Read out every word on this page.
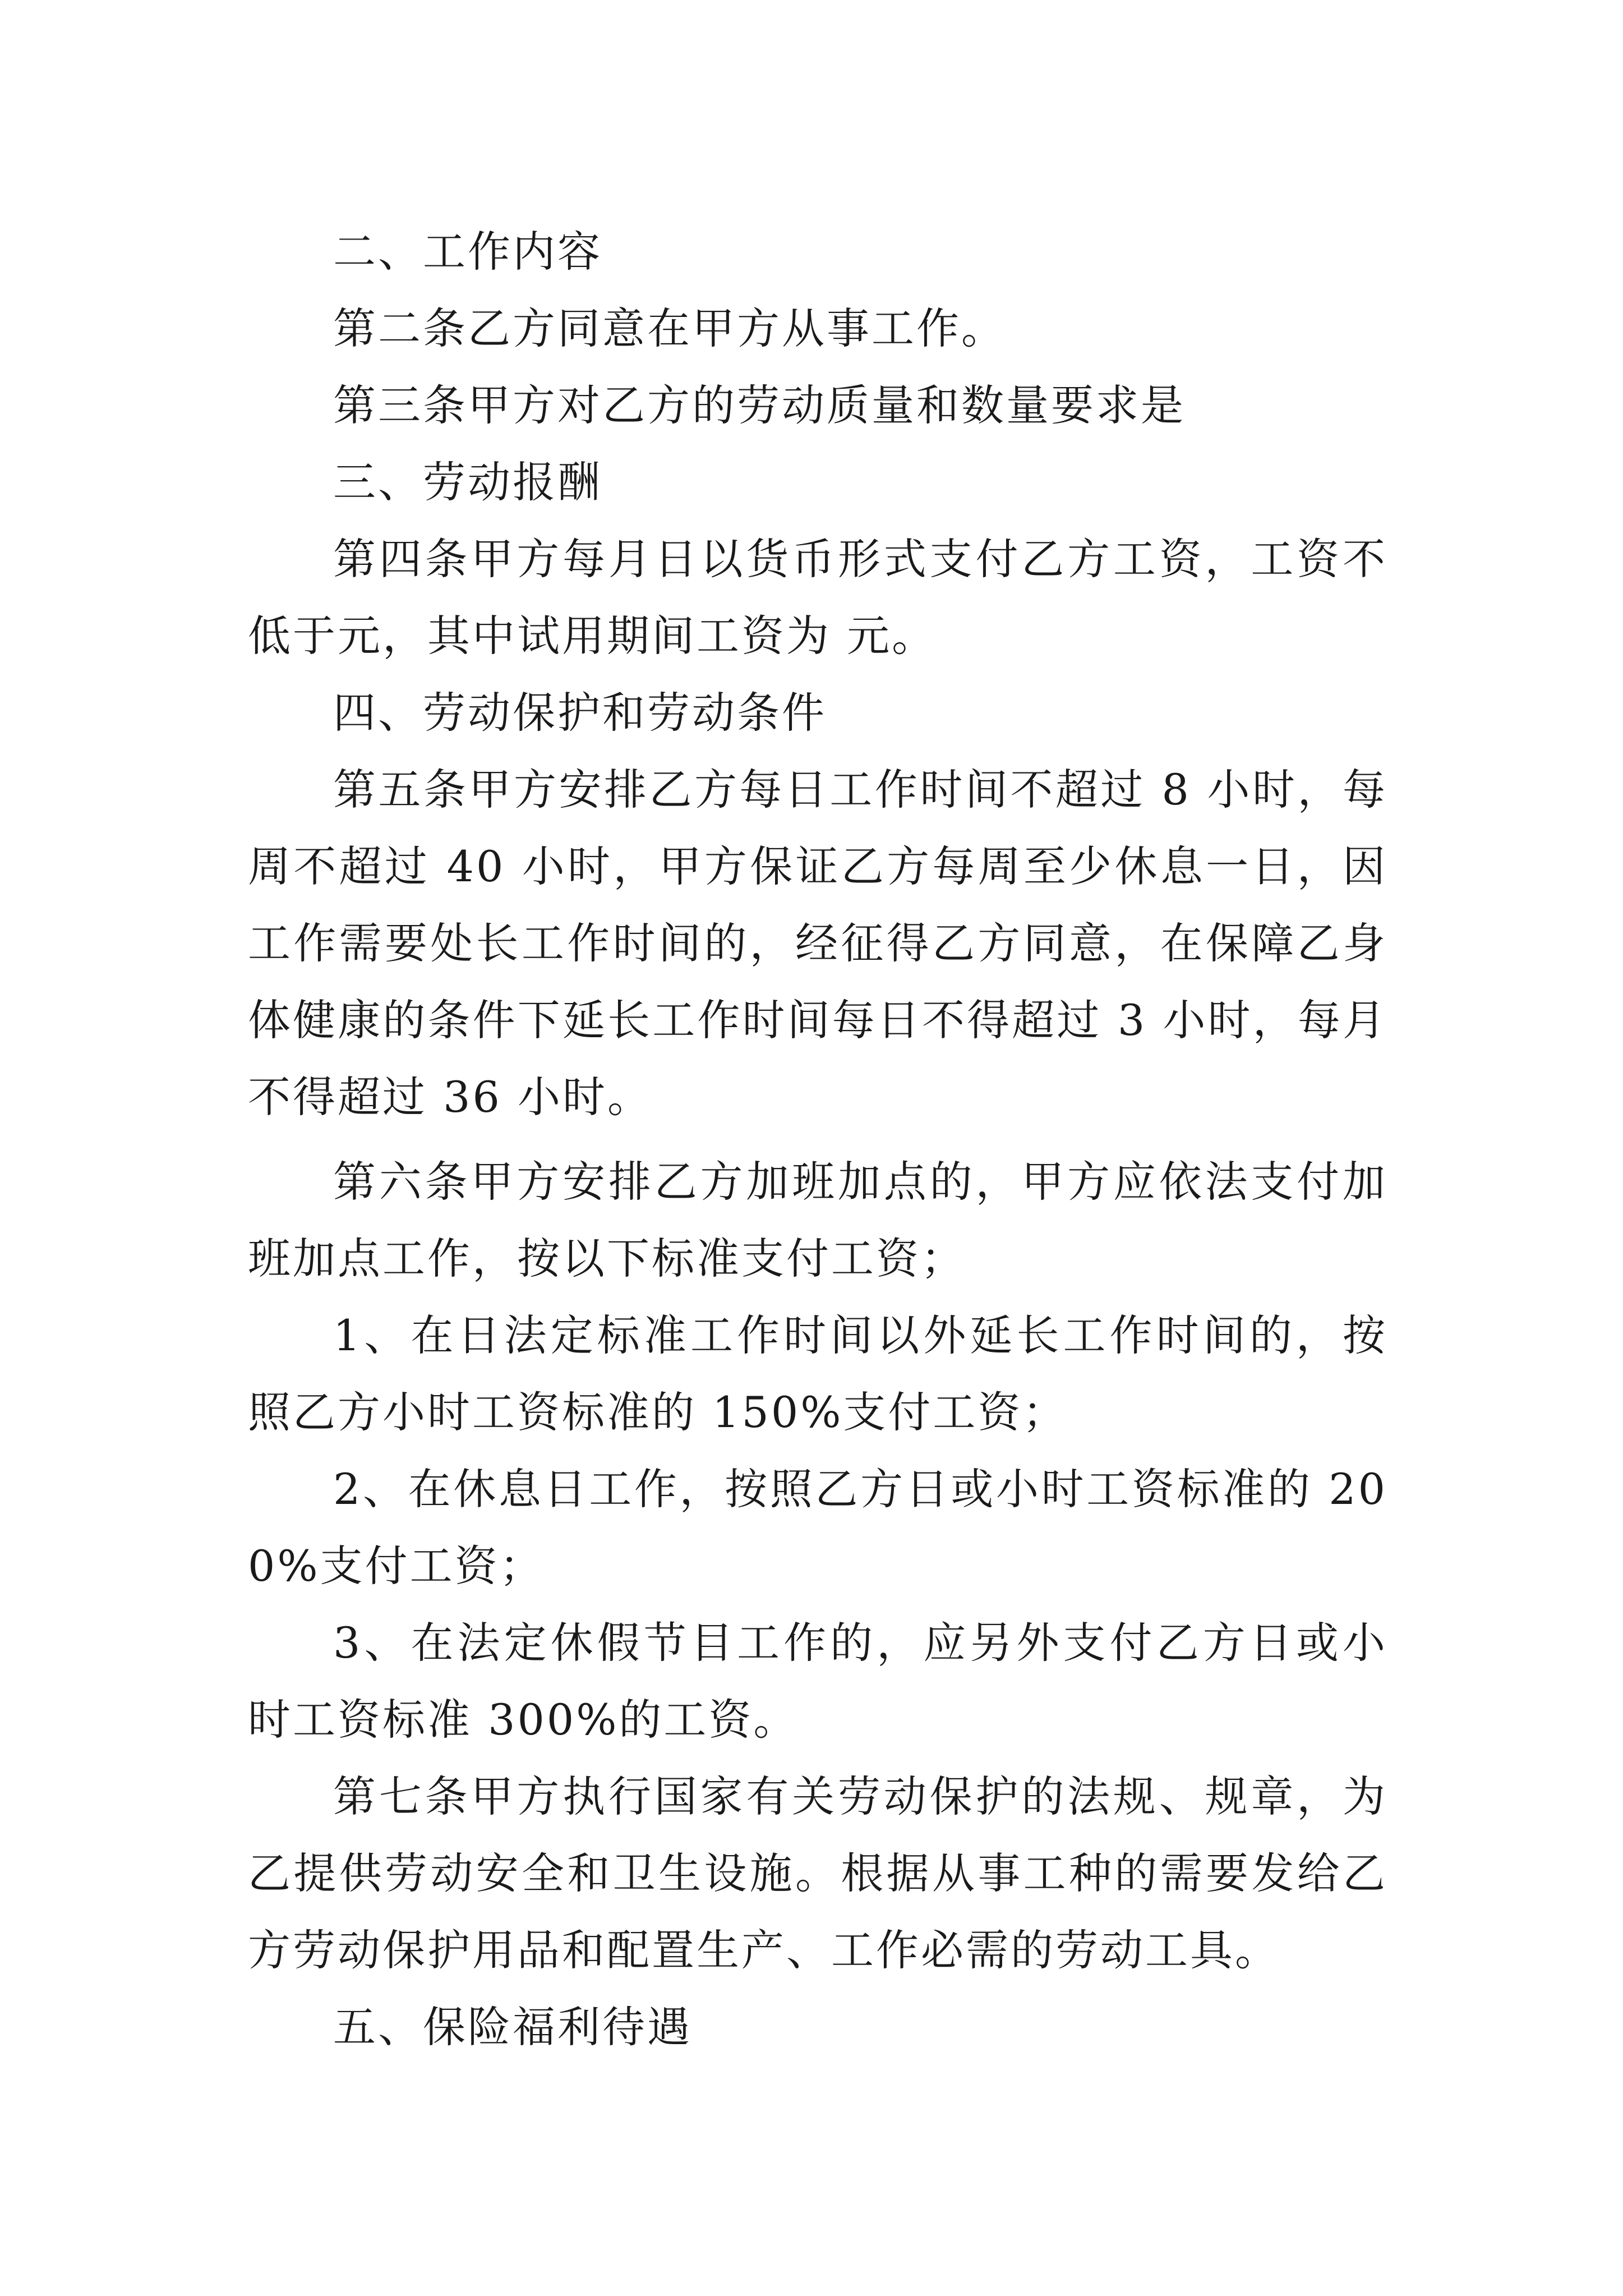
二、工作内容

第二条乙方同意在甲方从事工作。

第三条甲方对乙方的劳动质量和数量要求是

三、劳动报酬

第四条甲方每月日以货币形式支付乙方工资，工资不低于元，其中试用期间工资为 元。

四、劳动保护和劳动条件

第五条甲方安排乙方每日工作时间不超过 8 小时，每周不超过 40 小时，甲方保证乙方每周至少休息一日，因工作需要处长工作时间的，经征得乙方同意，在保障乙身体健康的条件下延长工作时间每日不得超过 3 小时，每月不得超过 36 小时。

第六条甲方安排乙方加班加点的，甲方应依法支付加班加点工作，按以下标准支付工资；

1、在日法定标准工作时间以外延长工作时间的，按照乙方小时工资标准的 150%支付工资；

2、在休息日工作，按照乙方日或小时工资标准的 200%支付工资；

3、在法定休假节目工作的，应另外支付乙方日或小时工资标准 300%的工资。

第七条甲方执行国家有关劳动保护的法规、规章，为乙提供劳动安全和卫生设施。根据从事工种的需要发给乙方劳动保护用品和配置生产、工作必需的劳动工具。

五、保险福利待遇
